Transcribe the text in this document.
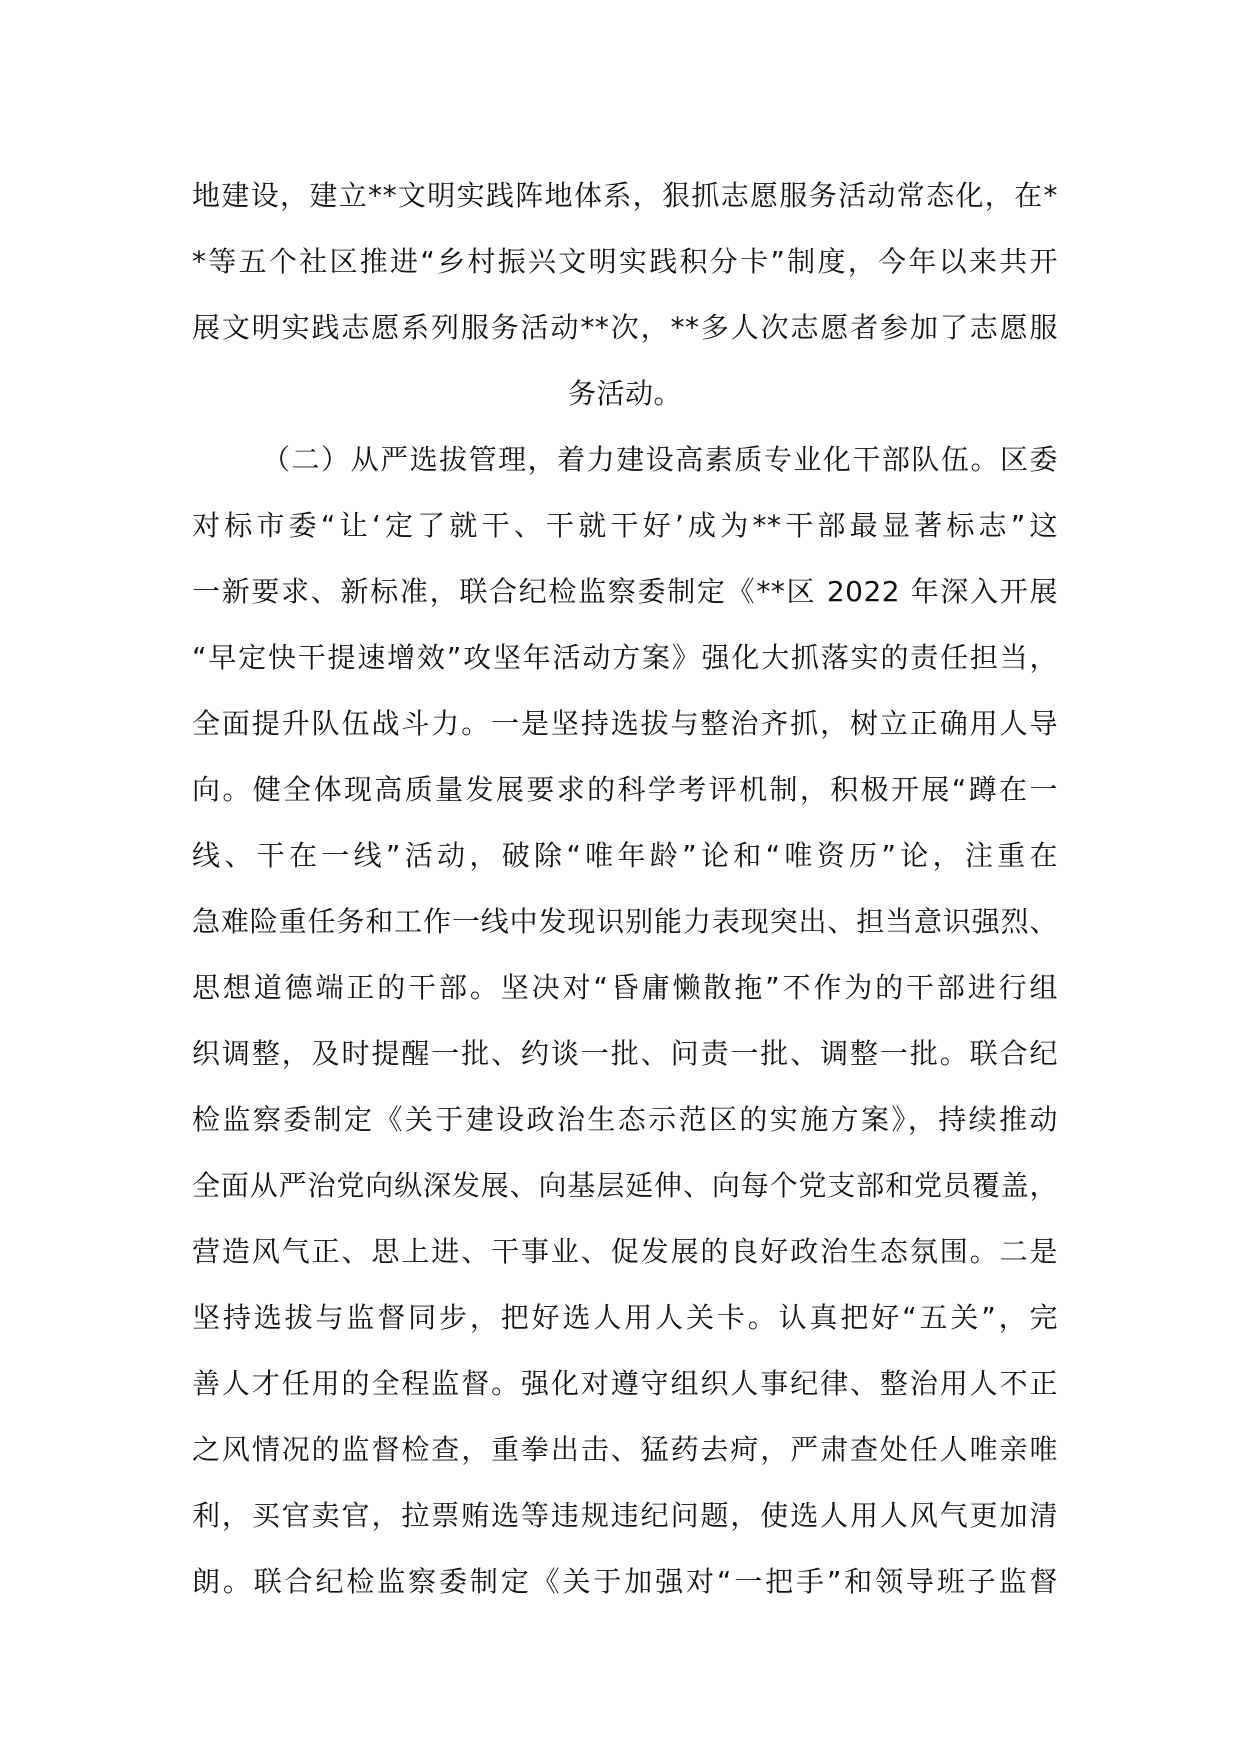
地建设，建立**文明实践阵地体系，狠抓志愿服务活动常态化，在*
*等五个社区推进“乡村振兴文明实践积分卡”制度，今年以来共开
展文明实践志愿系列服务活动**次，**多人次志愿者参加了志愿服
务活动。
（二）从严选拔管理，着力建设高素质专业化干部队伍。区委
对标市委“让‘定了就干、干就干好’成为**干部最显著标志”这
一新要求、新标准，联合纪检监察委制定《**区 2022 年深入开展
“早定快干提速增效”攻坚年活动方案》强化大抓落实的责任担当，
全面提升队伍战斗力。一是坚持选拔与整治齐抓，树立正确用人导
向。健全体现高质量发展要求的科学考评机制，积极开展“蹲在一
线、干在一线”活动，破除“唯年龄”论和“唯资历”论，注重在
急难险重任务和工作一线中发现识别能力表现突出、担当意识强烈、
思想道德端正的干部。坚决对“昏庸懒散拖”不作为的干部进行组
织调整，及时提醒一批、约谈一批、问责一批、调整一批。联合纪
检监察委制定《关于建设政治生态示范区的实施方案》，持续推动
全面从严治党向纵深发展、向基层延伸、向每个党支部和党员覆盖，
营造风气正、思上进、干事业、促发展的良好政治生态氛围。二是
坚持选拔与监督同步，把好选人用人关卡。认真把好“五关”，完
善人才任用的全程监督。强化对遵守组织人事纪律、整治用人不正
之风情况的监督检查，重拳出击、猛药去疴，严肃查处任人唯亲唯
利，买官卖官，拉票贿选等违规违纪问题，使选人用人风气更加清
朗。联合纪检监察委制定《关于加强对“一把手”和领导班子监督
